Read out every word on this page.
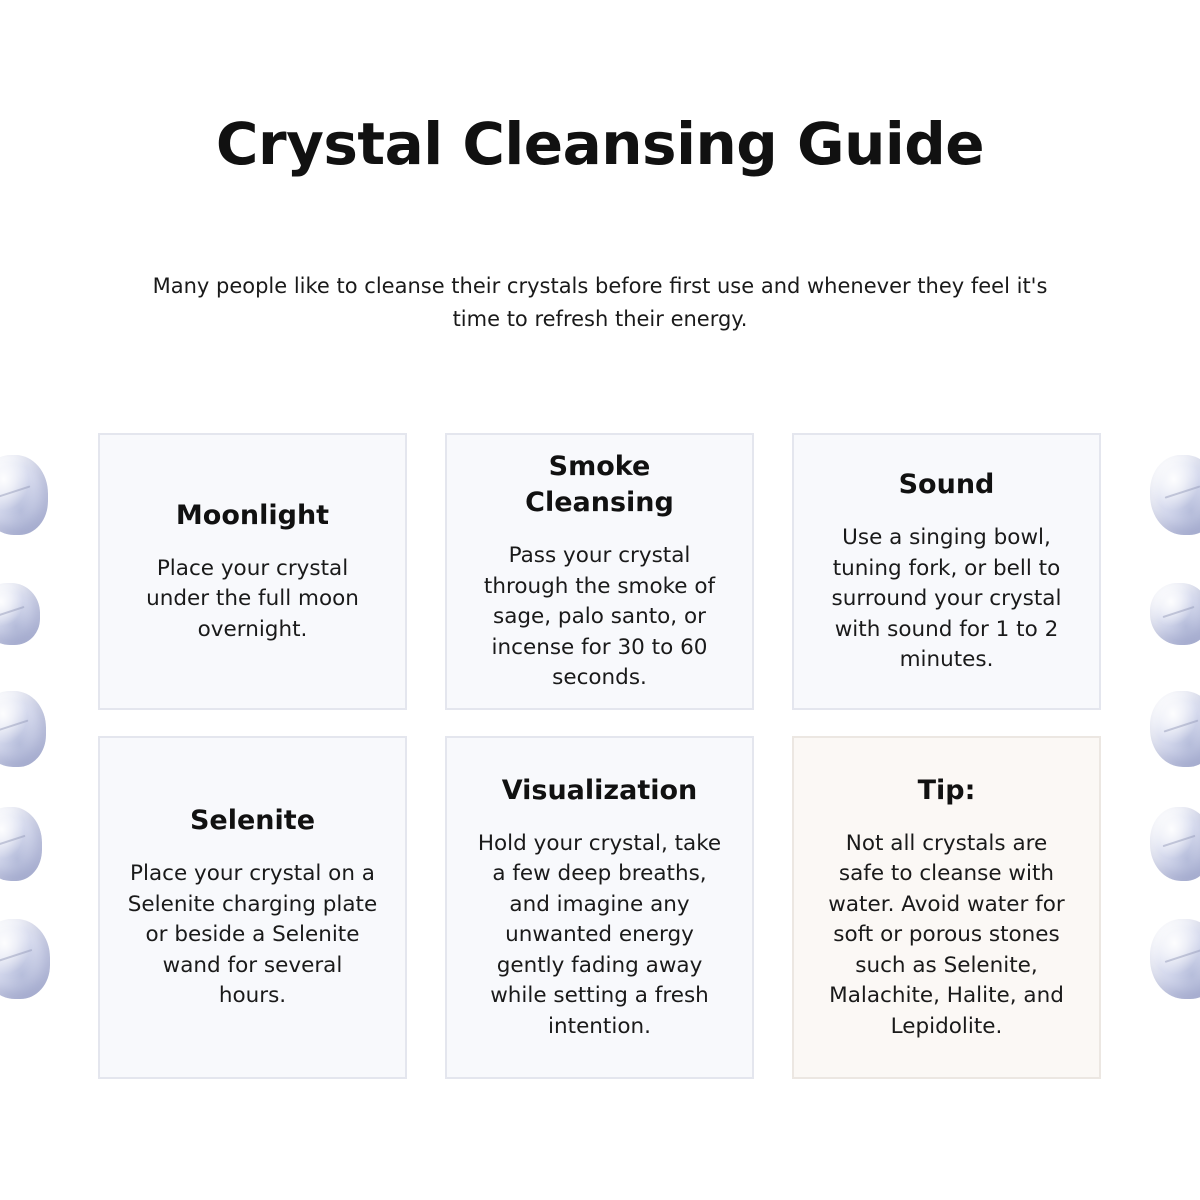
Crystal Cleansing Guide

Many people like to cleanse their crystals before first use and whenever they feel it's time to refresh their energy.

Moonlight

Place your crystal under the full moon overnight.

Smoke Cleansing

Pass your crystal through the smoke of sage, palo santo, or incense for 30 to 60 seconds.

Sound

Use a singing bowl, tuning fork, or bell to surround your crystal with sound for 1 to 2 minutes.

Selenite

Place your crystal on a Selenite charging plate or beside a Selenite wand for several hours.

Visualization

Hold your crystal, take a few deep breaths, and imagine any unwanted energy gently fading away while setting a fresh intention.

Tip:

Not all crystals are safe to cleanse with water. Avoid water for soft or porous stones such as Selenite, Malachite, Halite, and Lepidolite.
